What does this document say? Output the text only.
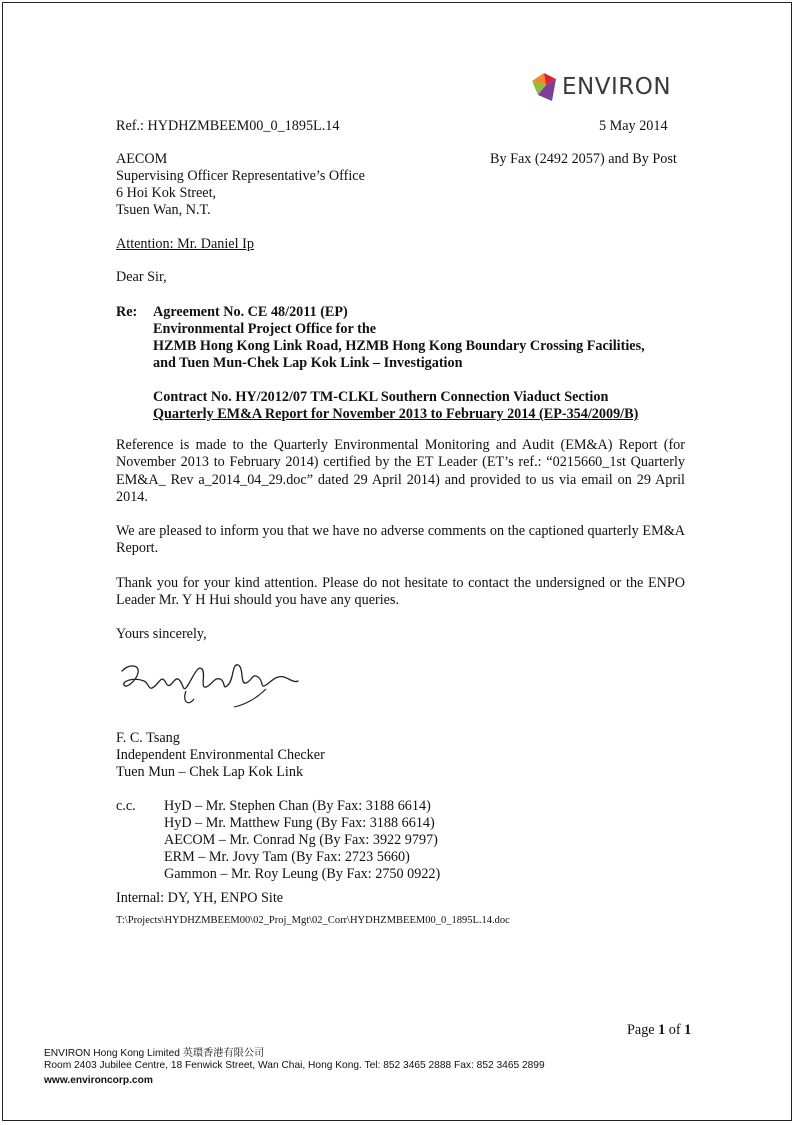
ENVIRON
Ref.: HYDHZMBEEM00_0_1895L.14	5 May 2014
AECOM
Supervising Officer Representative’s Office
6 Hoi Kok Street,
Tsuen Wan, N.T.
By Fax (2492 2057) and By Post
Attention: Mr. Daniel Ip
Dear Sir,
Re: Agreement No. CE 48/2011 (EP)
Environmental Project Office for the
HZMB Hong Kong Link Road, HZMB Hong Kong Boundary Crossing Facilities,
and Tuen Mun-Chek Lap Kok Link – Investigation
Contract No. HY/2012/07 TM-CLKL Southern Connection Viaduct Section
Quarterly EM&A Report for November 2013 to February 2014 (EP-354/2009/B)
Reference is made to the Quarterly Environmental Monitoring and Audit (EM&A) Report (for November 2013 to February 2014) certified by the ET Leader (ET’s ref.: “0215660_1st Quarterly EM&A_ Rev a_2014_04_29.doc” dated 29 April 2014) and provided to us via email on 29 April 2014.
We are pleased to inform you that we have no adverse comments on the captioned quarterly EM&A Report.
Thank you for your kind attention. Please do not hesitate to contact the undersigned or the ENPO Leader Mr. Y H Hui should you have any queries.
Yours sincerely,
F. C. Tsang
Independent Environmental Checker
Tuen Mun – Chek Lap Kok Link
c.c. HyD – Mr. Stephen Chan (By Fax: 3188 6614)
HyD – Mr. Matthew Fung (By Fax: 3188 6614)
AECOM – Mr. Conrad Ng (By Fax: 3922 9797)
ERM – Mr. Jovy Tam (By Fax: 2723 5660)
Gammon – Mr. Roy Leung (By Fax: 2750 0922)
Internal: DY, YH, ENPO Site
T:\Projects\HYDHZMBEEM00\02_Proj_Mgt\02_Corr\HYDHZMBEEM00_0_1895L.14.doc
Page 1 of 1
ENVIRON Hong Kong Limited 英環香港有限公司
Room 2403 Jubilee Centre, 18 Fenwick Street, Wan Chai, Hong Kong. Tel: 852 3465 2888 Fax: 852 3465 2899
www.environcorp.com
